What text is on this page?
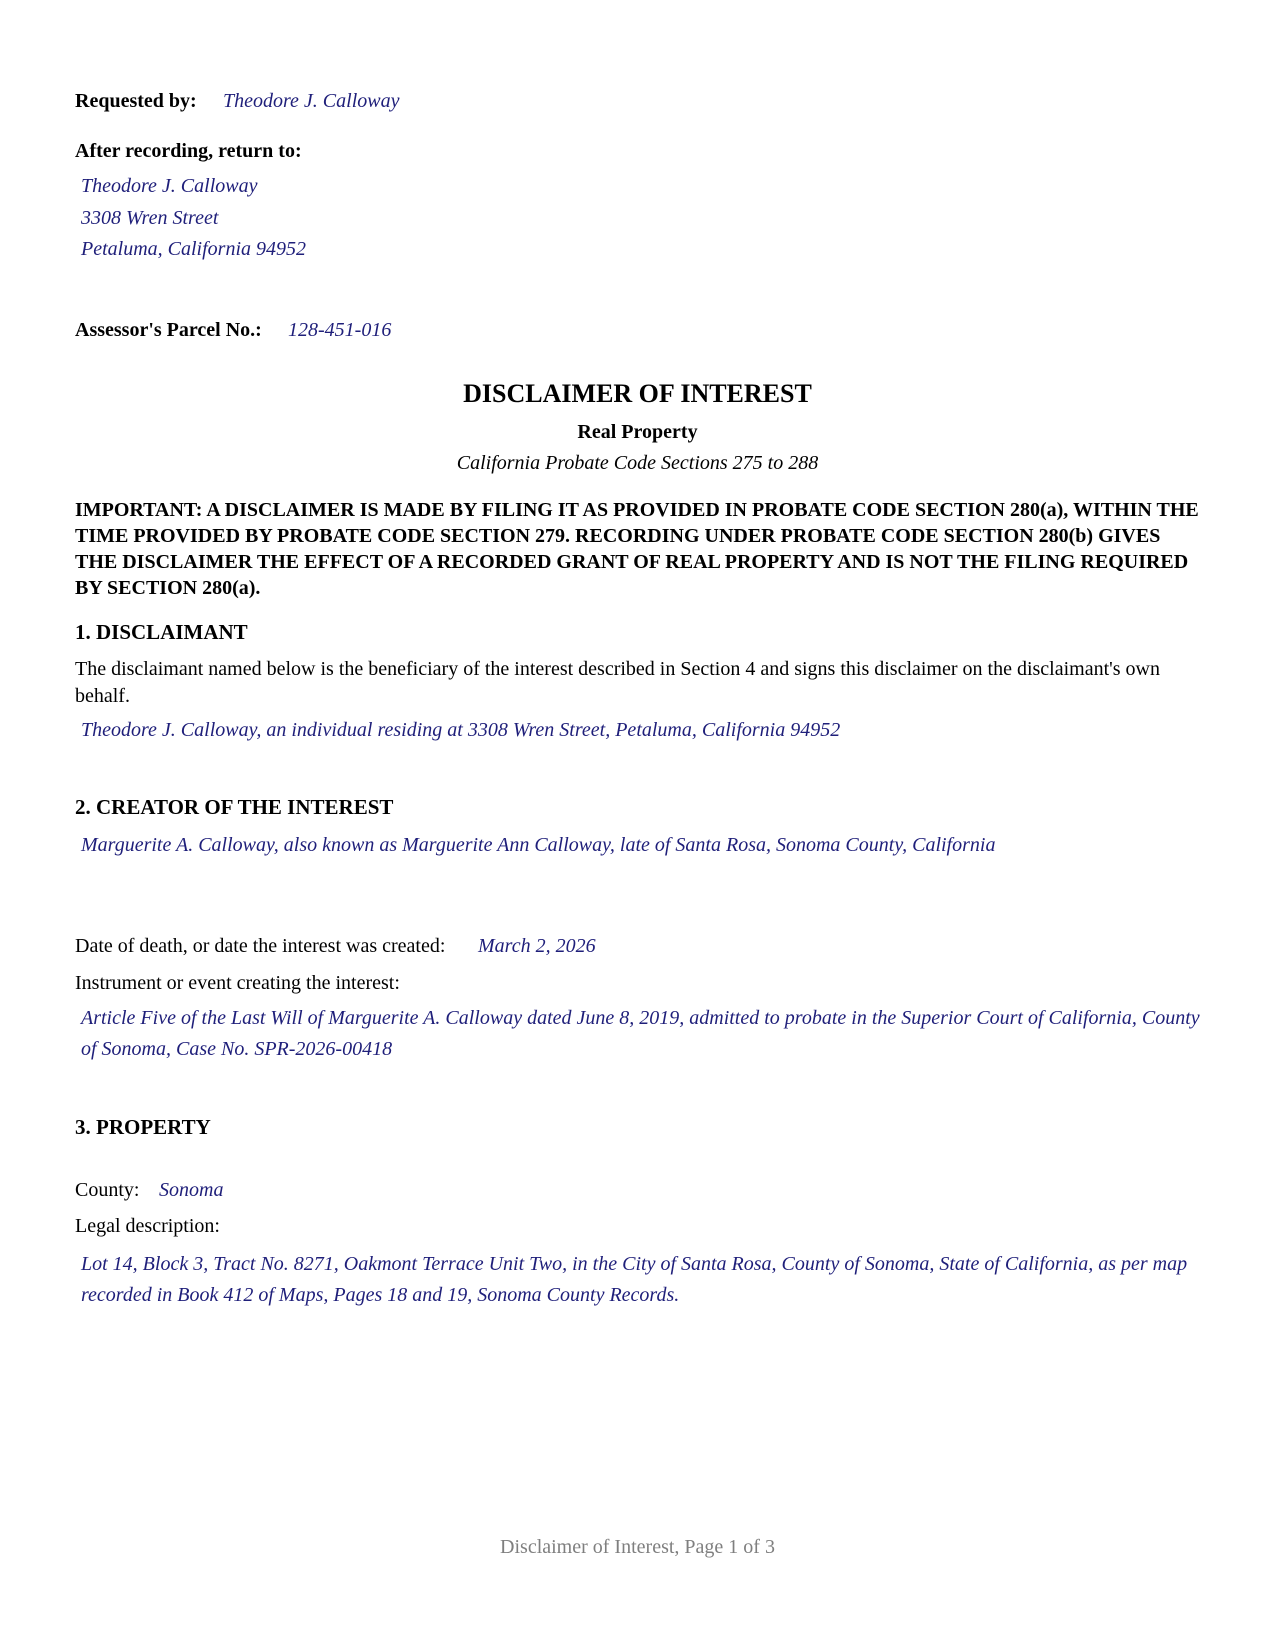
Requested by: Theodore J. Calloway
After recording, return to:
Theodore J. Calloway
3308 Wren Street
Petaluma, California 94952
Assessor's Parcel No.: 128-451-016
DISCLAIMER OF INTEREST
Real Property
California Probate Code Sections 275 to 288
IMPORTANT: A DISCLAIMER IS MADE BY FILING IT AS PROVIDED IN PROBATE CODE SECTION 280(a), WITHIN THE TIME PROVIDED BY PROBATE CODE SECTION 279. RECORDING UNDER PROBATE CODE SECTION 280(b) GIVES THE DISCLAIMER THE EFFECT OF A RECORDED GRANT OF REAL PROPERTY AND IS NOT THE FILING REQUIRED BY SECTION 280(a).
1. DISCLAIMANT
The disclaimant named below is the beneficiary of the interest described in Section 4 and signs this disclaimer on the disclaimant's own behalf.
Theodore J. Calloway, an individual residing at 3308 Wren Street, Petaluma, California 94952
2. CREATOR OF THE INTEREST
Marguerite A. Calloway, also known as Marguerite Ann Calloway, late of Santa Rosa, Sonoma County, California
Date of death, or date the interest was created: March 2, 2026
Instrument or event creating the interest:
Article Five of the Last Will of Marguerite A. Calloway dated June 8, 2019, admitted to probate in the Superior Court of California, County of Sonoma, Case No. SPR-2026-00418
3. PROPERTY
County: Sonoma
Legal description:
Lot 14, Block 3, Tract No. 8271, Oakmont Terrace Unit Two, in the City of Santa Rosa, County of Sonoma, State of California, as per map recorded in Book 412 of Maps, Pages 18 and 19, Sonoma County Records.
Disclaimer of Interest, Page 1 of 3
